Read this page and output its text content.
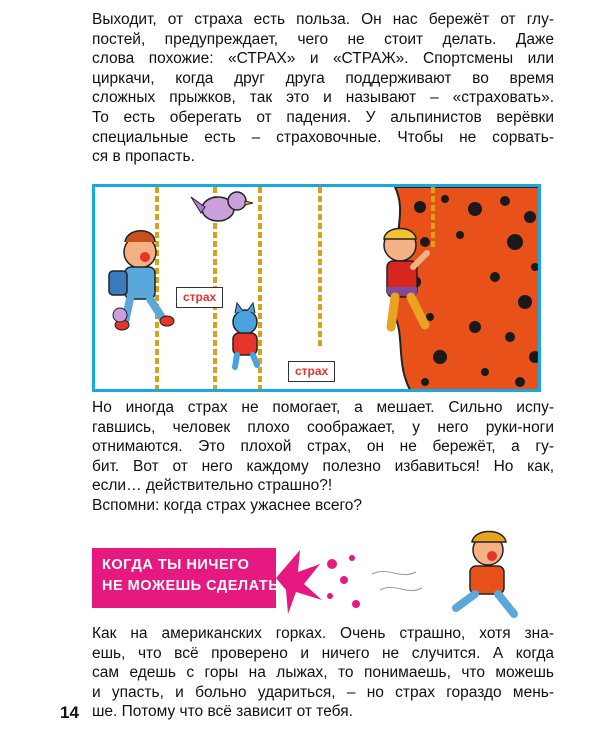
Выходит, от страха есть польза. Он нас бережёт от глу-
постей, предупреждает, чего не стоит делать. Даже
слова похожие: «СТРАХ» и «СТРАЖ». Спортсмены или
циркачи, когда друг друга поддерживают во время
сложных прыжков, так это и называют – «страховать».
То есть оберегать от падения. У альпинистов верёвки
специальные есть – страховочные. Чтобы не сорвать-
ся в пропасть.
страх
страх
Но иногда страх не помогает, а мешает. Сильно испу-
гавшись, человек плохо соображает, у него руки-ноги
отнимаются. Это плохой страх, он не бережёт, а гу-
бит. Вот от него каждому полезно избавиться! Но как,
если… действительно страшно?!
Вспомни: когда страх ужаснее всего?
КОГДА ТЫ НИЧЕГО
НЕ МОЖЕШЬ СДЕЛАТЬ.
Как на американских горках. Очень страшно, хотя зна-
ешь, что всё проверено и ничего не случится. А когда
сам едешь с горы на лыжах, то понимаешь, что можешь
и упасть, и больно удариться, – но страх гораздо мень-
ше. Потому что всё зависит от тебя.
14
